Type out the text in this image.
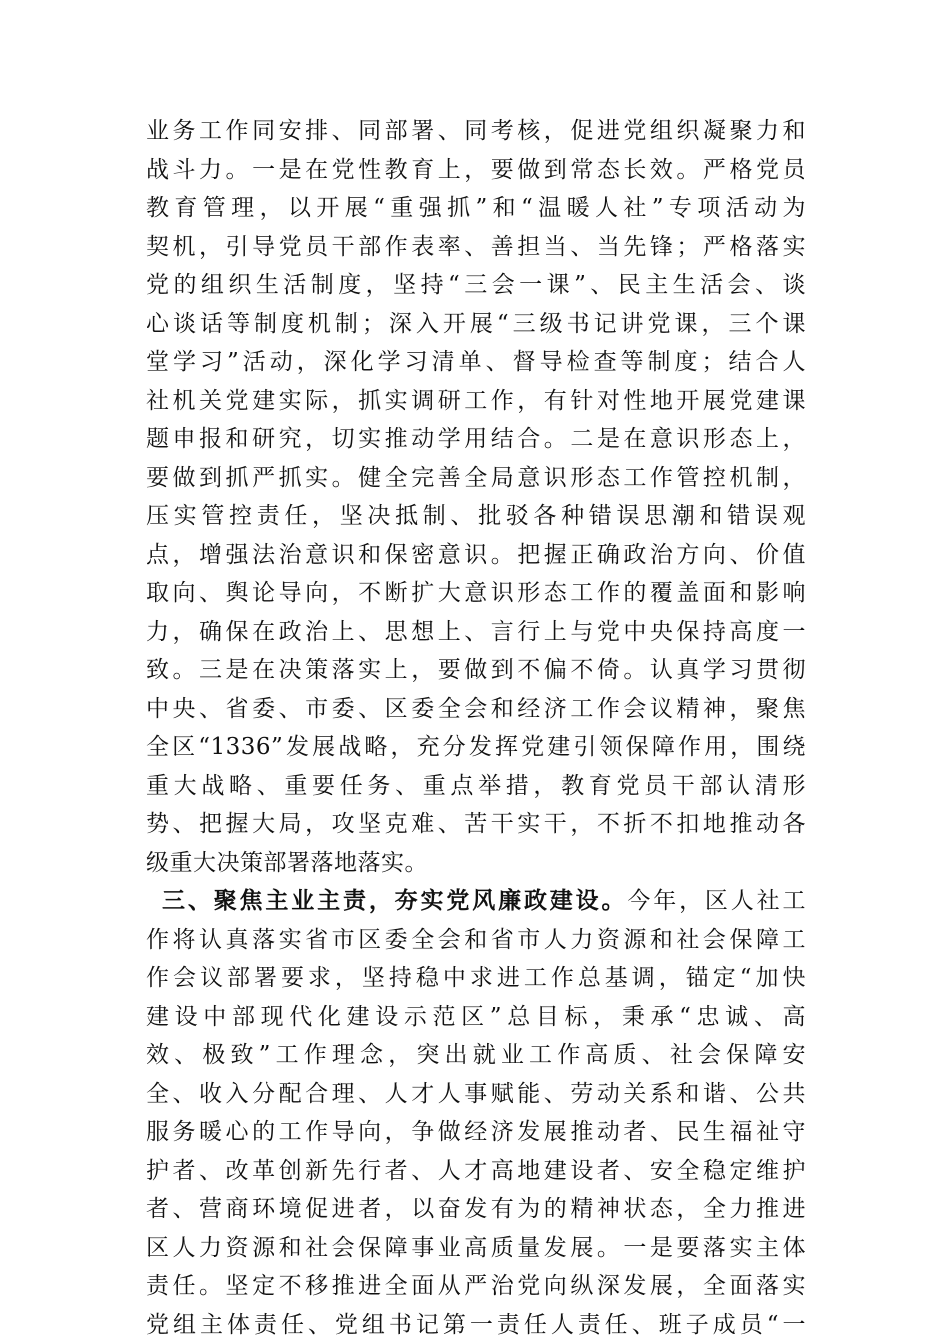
业务工作同安排、同部署、同考核，促进党组织凝聚力和
战斗力。一是在党性教育上，要做到常态长效。严格党员
教育管理，以开展“重强抓”和“温暖人社”专项活动为
契机，引导党员干部作表率、善担当、当先锋；严格落实
党的组织生活制度，坚持“三会一课”、民主生活会、谈
心谈话等制度机制；深入开展“三级书记讲党课，三个课
堂学习”活动，深化学习清单、督导检查等制度；结合人
社机关党建实际，抓实调研工作，有针对性地开展党建课
题申报和研究，切实推动学用结合。二是在意识形态上，
要做到抓严抓实。健全完善全局意识形态工作管控机制，
压实管控责任，坚决抵制、批驳各种错误思潮和错误观
点，增强法治意识和保密意识。把握正确政治方向、价值
取向、舆论导向，不断扩大意识形态工作的覆盖面和影响
力，确保在政治上、思想上、言行上与党中央保持高度一
致。三是在决策落实上，要做到不偏不倚。认真学习贯彻
中央、省委、市委、区委全会和经济工作会议精神，聚焦
全区“1336”发展战略，充分发挥党建引领保障作用，围绕
重大战略、重要任务、重点举措，教育党员干部认清形
势、把握大局，攻坚克难、苦干实干，不折不扣地推动各
级重大决策部署落地落实。
三、聚焦主业主责，夯实党风廉政建设。今年，区人社工
作将认真落实省市区委全会和省市人力资源和社会保障工
作会议部署要求，坚持稳中求进工作总基调，锚定“加快
建设中部现代化建设示范区”总目标，秉承“忠诚、高
效、极致”工作理念，突出就业工作高质、社会保障安
全、收入分配合理、人才人事赋能、劳动关系和谐、公共
服务暖心的工作导向，争做经济发展推动者、民生福祉守
护者、改革创新先行者、人才高地建设者、安全稳定维护
者、营商环境促进者，以奋发有为的精神状态，全力推进
区人力资源和社会保障事业高质量发展。一是要落实主体
责任。坚定不移推进全面从严治党向纵深发展，全面落实
党组主体责任、党组书记第一责任人责任、班子成员“一
